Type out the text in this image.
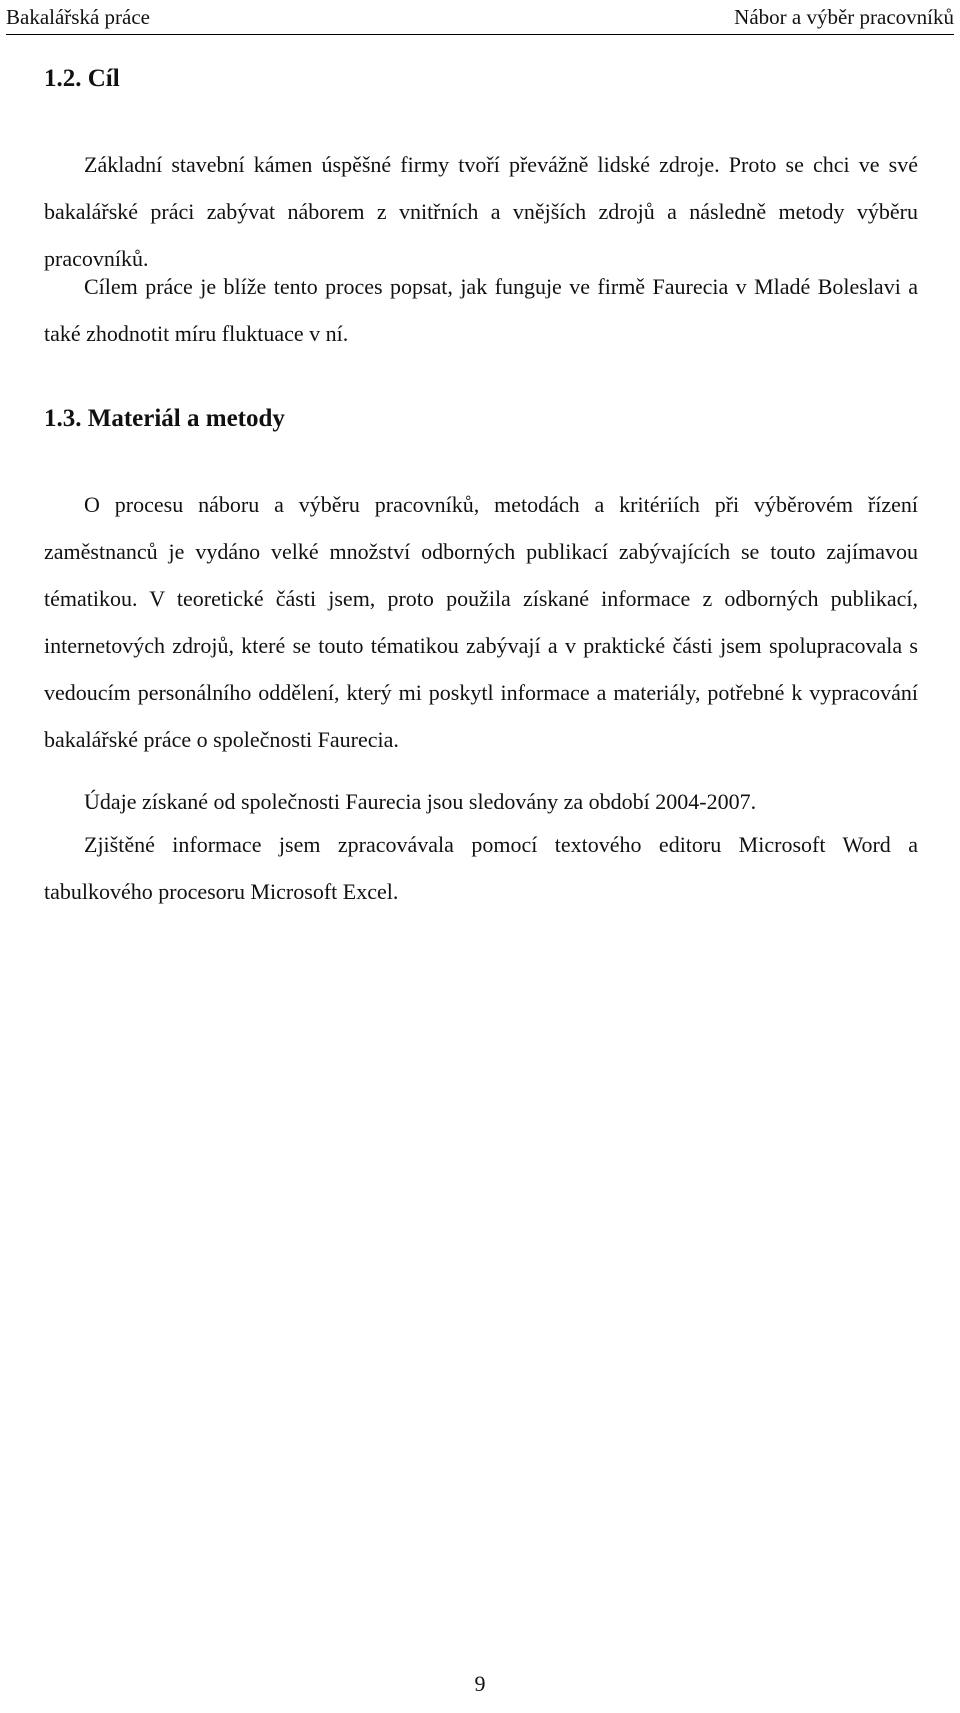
Bakalářská práce	Nábor a výběr pracovníků
1.2. Cíl

Základní stavební kámen úspěšné firmy tvoří převážně lidské zdroje. Proto se chci ve své bakalářské práci zabývat náborem z vnitřních a vnějších zdrojů a následně metody výběru pracovníků.

Cílem práce je blíže tento proces popsat, jak funguje ve firmě Faurecia v Mladé Boleslavi a také zhodnotit míru fluktuace v ní.

1.3. Materiál a metody

O procesu náboru a výběru pracovníků, metodách a kritériích při výběrovém řízení zaměstnanců je vydáno velké množství odborných publikací zabývajících se touto zajímavou tématikou. V teoretické části jsem, proto použila získané informace z odborných publikací, internetových zdrojů, které se touto tématikou zabývají a v praktické části jsem spolupracovala s vedoucím personálního oddělení, který mi poskytl informace a materiály, potřebné k vypracování bakalářské práce o společnosti Faurecia.

Údaje získané od společnosti Faurecia jsou sledovány za období 2004-2007.

Zjištěné informace jsem zpracovávala pomocí textového editoru Microsoft Word a tabulkového procesoru Microsoft Excel.

9
